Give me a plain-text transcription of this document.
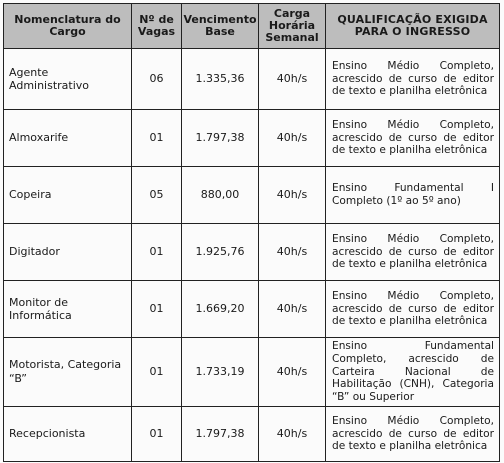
Nomenclatura do Cargo	Nº de Vagas	Vencimento Base	Carga Horária Semanal	QUALIFICAÇÃO EXIGIDA PARA O INGRESSO
Agente Administrativo	06	1.335,36	40h/s	Ensino Médio Completo, acrescido de curso de editor de texto e planilha eletrônica
Almoxarife	01	1.797,38	40h/s	Ensino Médio Completo, acrescido de curso de editor de texto e planilha eletrônica
Copeira	05	880,00	40h/s	Ensino Fundamental I Completo (1º ao 5º ano)
Digitador	01	1.925,76	40h/s	Ensino Médio Completo, acrescido de curso de editor de texto e planilha eletrônica
Monitor de Informática	01	1.669,20	40h/s	Ensino Médio Completo, acrescido de curso de editor de texto e planilha eletrônica
Motorista, Categoria “B”	01	1.733,19	40h/s	Ensino Fundamental Completo, acrescido de Carteira Nacional de Habilitação (CNH), Categoria “B” ou Superior
Recepcionista	01	1.797,38	40h/s	Ensino Médio Completo, acrescido de curso de editor de texto e planilha eletrônica
